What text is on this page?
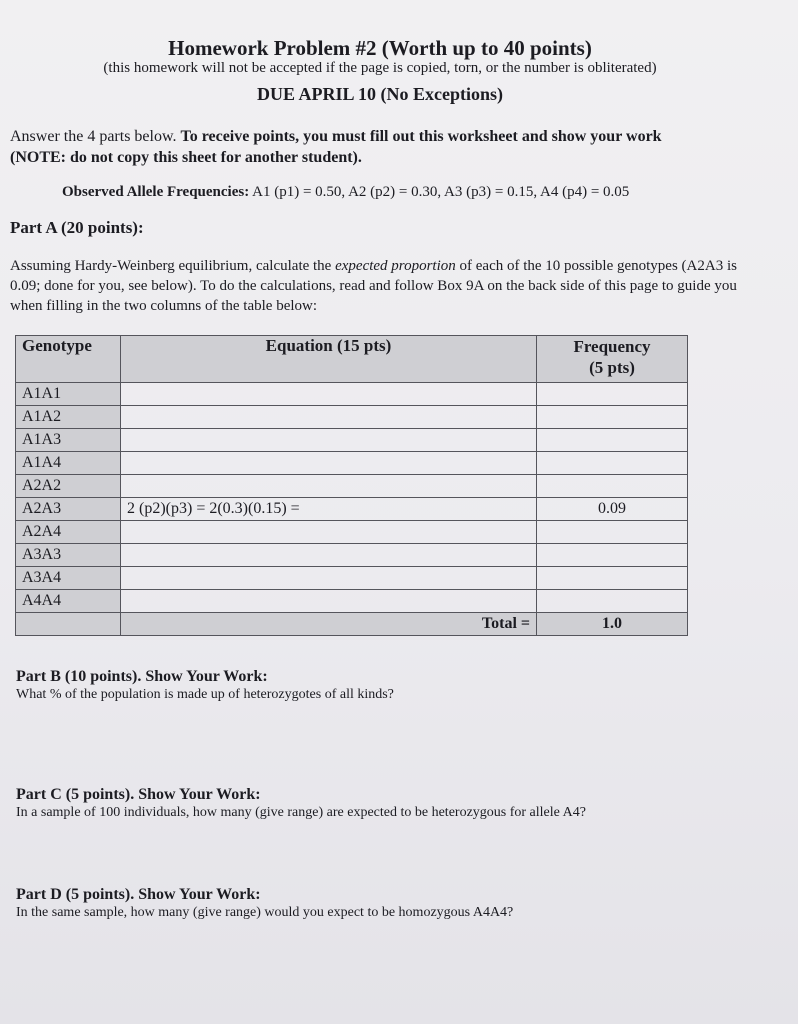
Homework Problem #2 (Worth up to 40 points)
(this homework will not be accepted if the page is copied, torn, or the number is obliterated)
DUE APRIL 10 (No Exceptions)
Answer the 4 parts below. To receive points, you must fill out this worksheet and show your work
(NOTE: do not copy this sheet for another student).
Observed Allele Frequencies: A1 (p1) = 0.50, A2 (p2) = 0.30, A3 (p3) = 0.15, A4 (p4) = 0.05
Part A (20 points):
Assuming Hardy-Weinberg equilibrium, calculate the expected proportion of each of the 10 possible genotypes (A2A3 is 0.09; done for you, see below). To do the calculations, read and follow Box 9A on the back side of this page to guide you when filling in the two columns of the table below:
Genotype	Equation (15 pts)	Frequency
(5 pts)
A1A1		
A1A2		
A1A3		
A1A4		
A2A2		
A2A3	2 (p2)(p3) = 2(0.3)(0.15) =	0.09
A2A4		
A3A3		
A3A4		
A4A4		
	Total =	1.0
Part B (10 points). Show Your Work:
What % of the population is made up of heterozygotes of all kinds?
Part C (5 points). Show Your Work:
In a sample of 100 individuals, how many (give range) are expected to be heterozygous for allele A4?
Part D (5 points). Show Your Work:
In the same sample, how many (give range) would you expect to be homozygous A4A4?
